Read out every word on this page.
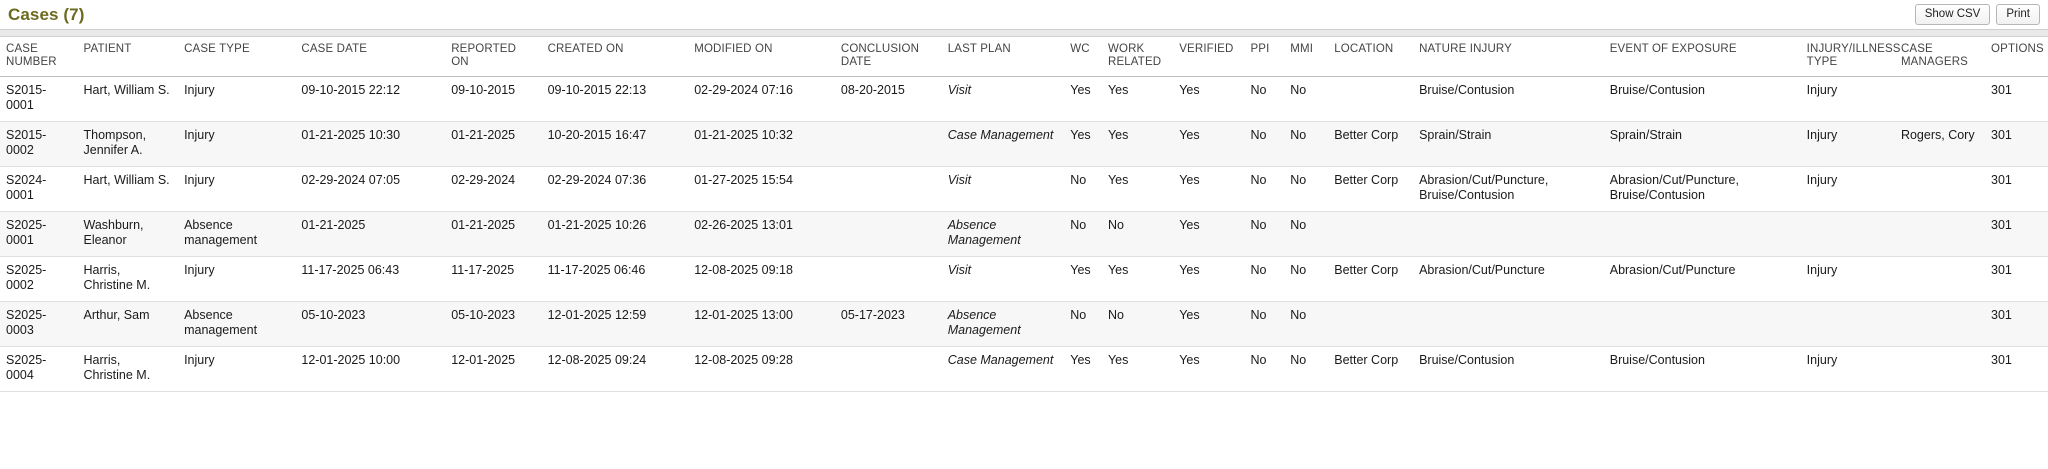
Cases (7)	Show CSV	Print
CASE NUMBER	PATIENT	CASE TYPE	CASE DATE	REPORTED ON	CREATED ON	MODIFIED ON	CONCLUSION DATE	LAST PLAN	WC	WORK RELATED	VERIFIED	PPI	MMI	LOCATION	NATURE INJURY	EVENT OF EXPOSURE	INJURY/ILLNESS TYPE	CASE MANAGERS	OPTIONS
S2015-0001	Hart, William S.	Injury	09-10-2015 22:12	09-10-2015	09-10-2015 22:13	02-29-2024 07:16	08-20-2015	Visit	Yes	Yes	Yes	No	No		Bruise/Contusion	Bruise/Contusion	Injury		301
S2015-0002	Thompson, Jennifer A.	Injury	01-21-2025 10:30	01-21-2025	10-20-2015 16:47	01-21-2025 10:32		Case Management	Yes	Yes	Yes	No	No	Better Corp	Sprain/Strain	Sprain/Strain	Injury	Rogers, Cory	301
S2024-0001	Hart, William S.	Injury	02-29-2024 07:05	02-29-2024	02-29-2024 07:36	01-27-2025 15:54		Visit	No	Yes	Yes	No	No	Better Corp	Abrasion/Cut/Puncture, Bruise/Contusion	Abrasion/Cut/Puncture, Bruise/Contusion	Injury		301
S2025-0001	Washburn, Eleanor	Absence management	01-21-2025	01-21-2025	01-21-2025 10:26	02-26-2025 13:01		Absence Management	No	No	Yes	No	No						301
S2025-0002	Harris, Christine M.	Injury	11-17-2025 06:43	11-17-2025	11-17-2025 06:46	12-08-2025 09:18		Visit	Yes	Yes	Yes	No	No	Better Corp	Abrasion/Cut/Puncture	Abrasion/Cut/Puncture	Injury		301
S2025-0003	Arthur, Sam	Absence management	05-10-2023	05-10-2023	12-01-2025 12:59	12-01-2025 13:00	05-17-2023	Absence Management	No	No	Yes	No	No						301
S2025-0004	Harris, Christine M.	Injury	12-01-2025 10:00	12-01-2025	12-08-2025 09:24	12-08-2025 09:28		Case Management	Yes	Yes	Yes	No	No	Better Corp	Bruise/Contusion	Bruise/Contusion	Injury		301
